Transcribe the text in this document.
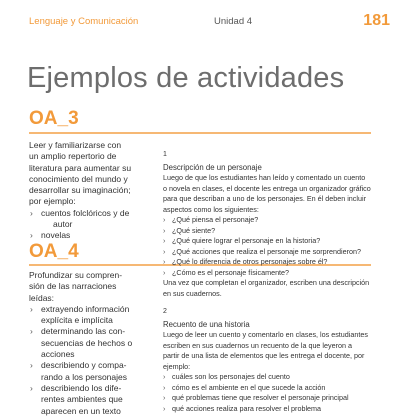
Lenguaje y Comunicación	Unidad 4	181
Ejemplos de actividades
OA_3
Leer y familiarizarse con
un amplio repertorio de
literatura para aumentar su
conocimiento del mundo y
desarrollar su imaginación;
por ejemplo:
› cuentos folclóricos y de
autor
› novelas
OA_4
Profundizar su compren-
sión de las narraciones
leídas:
› extrayendo información
explícita e implícita
› determinando las con-
secuencias de hechos o
acciones
› describiendo y compa-
rando a los personajes
› describiendo los dife-
rentes ambientes que
aparecen en un texto
1
Descripción de un personaje
Luego de que los estudiantes han leído y comentado un cuento
o novela en clases, el docente les entrega un organizador gráfico
para que describan a uno de los personajes. En él deben incluir
aspectos como los siguientes:
› ¿Qué piensa el personaje?
› ¿Qué siente?
› ¿Qué quiere lograr el personaje en la historia?
› ¿Qué acciones que realiza el personaje me sorprendieron?
› ¿Qué lo diferencia de otros personajes sobre él?
› ¿Cómo es el personaje físicamente?
Una vez que completan el organizador, escriben una descripción
en sus cuadernos.
2
Recuento de una historia
Luego de leer un cuento y comentarlo en clases, los estudiantes
escriben en sus cuadernos un recuento de la que leyeron a
partir de una lista de elementos que les entrega el docente, por
ejemplo:
› cuáles son los personajes del cuento
› cómo es el ambiente en el que sucede la acción
› qué problemas tiene que resolver el personaje principal
› qué acciones realiza para resolver el problema
